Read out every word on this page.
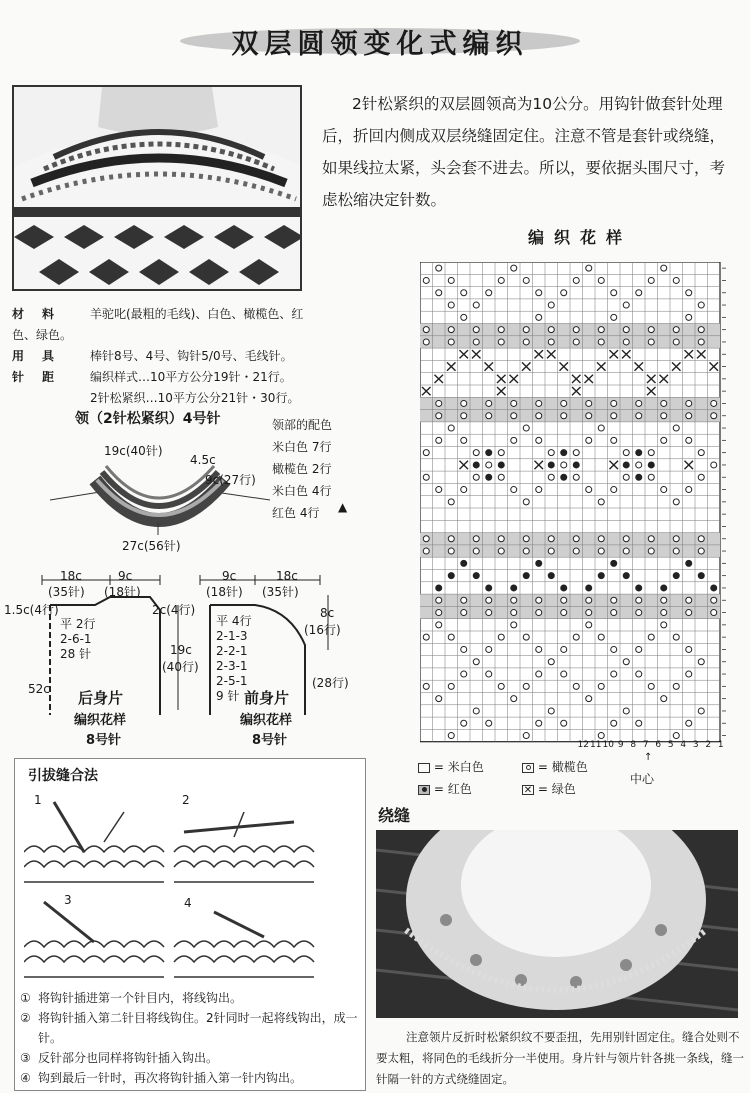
双层圆领变化式编织
2针松紧织的双层圆领高为10公分。用钩针做套针处理后，折回内侧成双层绕缝固定住。注意不管是套针或绕缝，如果线拉太紧，头会套不进去。所以，要依据头围尺寸，考虑松缩决定针数。
材料 羊驼叱(最粗的毛线)、白色、橄榄色、红色、绿色。
用具 棒针8号、4号、钩针5/0号、毛线针。
针距 编织样式…10平方公分19针・21行。
2针松紧织…10平方公分21针・30行。
领（2针松紧织）4号针
19c(40针)
4.5c
9c(27行)
27c(56针)
领部的配色
米白色 7行
橄榄色 2行
米白色 4行
红色 4行	▲
18c
(35针)
9c
(18针)
1.5c(4行)	2c(4行)
平 2行
2-6-1
28 针
52c
19c
(40行)
后身片
编织花样
8号针
9c
(18针)
18c
(35针)
平 4行
2-1-3
2-2-1
2-3-1
2-5-1
9 针
8c
(16行)
(28行)
前身片
编织花样
8号针
编织花样
12 11 10 9 8 7 6 5 4 3 2 1
↑
中心
= 米白色	= 橄榄色
= 红色	✕ = 绿色
引拔缝合法
1	2
3	4
① 将钩针插进第一个针目内，将线钩出。
② 将钩针插入第二针目将线钩住。2针同时一起将线钩出，成一针。
③ 反针部分也同样将钩针插入钩出。
④ 钩到最后一针时，再次将钩针插入第一针内钩出。
绕缝
注意领片反折时松紧织纹不要歪扭，先用别针固定住。缝合处则不要太粗，将同色的毛线折分一半使用。身片针与领片针各挑一条线，缝一针隔一针的方式绕缝固定。
